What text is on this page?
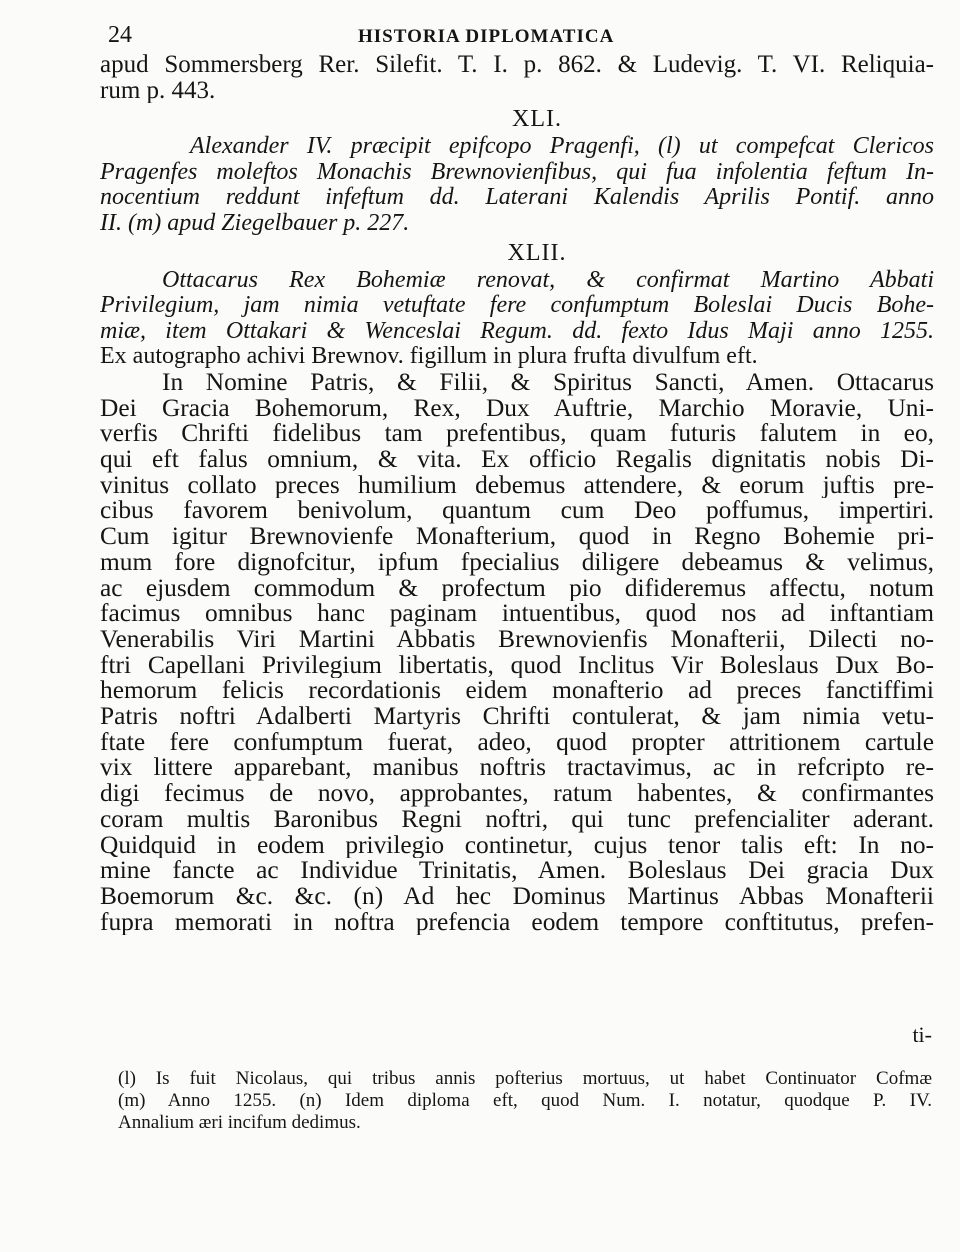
24	HISTORIA DIPLOMATICA

apud Sommersberg Rer. Silefit. T. I. p. 862. & Ludevig. T. VI. Reliquia-

rum p. 443.

XLI.

Alexander IV. præcipit epifcopo Pragenfi, (l) ut compefcat Clericos

Pragenfes moleftos Monachis Brewnovienfibus, qui fua infolentia feftum In-

nocentium reddunt infeftum dd. Laterani Kalendis Aprilis Pontif. anno

II. (m) apud Ziegelbauer p. 227.

XLII.

Ottacarus Rex Bohemiæ renovat, & confirmat Martino Abbati

Privilegium, jam nimia vetuftate fere confumptum Boleslai Ducis Bohe-

miæ, item Ottakari & Wenceslai Regum. dd. fexto Idus Maji anno 1255.

Ex autographo achivi Brewnov. figillum in plura frufta divulfum eft.

In Nomine Patris, & Filii, & Spiritus Sancti, Amen. Ottacarus

Dei Gracia Bohemorum, Rex, Dux Auftrie, Marchio Moravie, Uni-

verfis Chrifti fidelibus tam prefentibus, quam futuris falutem in eo,

qui eft falus omnium, & vita. Ex officio Regalis dignitatis nobis Di-

vinitus collato preces humilium debemus attendere, & eorum juftis pre-

cibus favorem benivolum, quantum cum Deo poffumus, impertiri.

Cum igitur Brewnovienfe Monafterium, quod in Regno Bohemie pri-

mum fore dignofcitur, ipfum fpecialius diligere debeamus & velimus,

ac ejusdem commodum & profectum pio difideremus affectu, notum

facimus omnibus hanc paginam intuentibus, quod nos ad inftantiam

Venerabilis Viri Martini Abbatis Brewnovienfis Monafterii, Dilecti no-

ftri Capellani Privilegium libertatis, quod Inclitus Vir Boleslaus Dux Bo-

hemorum felicis recordationis eidem monafterio ad preces fanctiffimi

Patris noftri Adalberti Martyris Chrifti contulerat, & jam nimia vetu-

ftate fere confumptum fuerat, adeo, quod propter attritionem cartule

vix littere apparebant, manibus noftris tractavimus, ac in refcripto re-

digi fecimus de novo, approbantes, ratum habentes, & confirmantes

coram multis Baronibus Regni noftri, qui tunc prefencialiter aderant.

Quidquid in eodem privilegio continetur, cujus tenor talis eft: In no-

mine fancte ac Individue Trinitatis, Amen. Boleslaus Dei gracia Dux

Boemorum &c. &c. (n) Ad hec Dominus Martinus Abbas Monafterii

fupra memorati in noftra prefencia eodem tempore conftitutus, prefen-

ti-

(l) Is fuit Nicolaus, qui tribus annis pofterius mortuus, ut habet Continuator Cofmæ

(m) Anno 1255. (n) Idem diploma eft, quod Num. I. notatur, quodque P. IV.

Annalium æri incifum dedimus.
